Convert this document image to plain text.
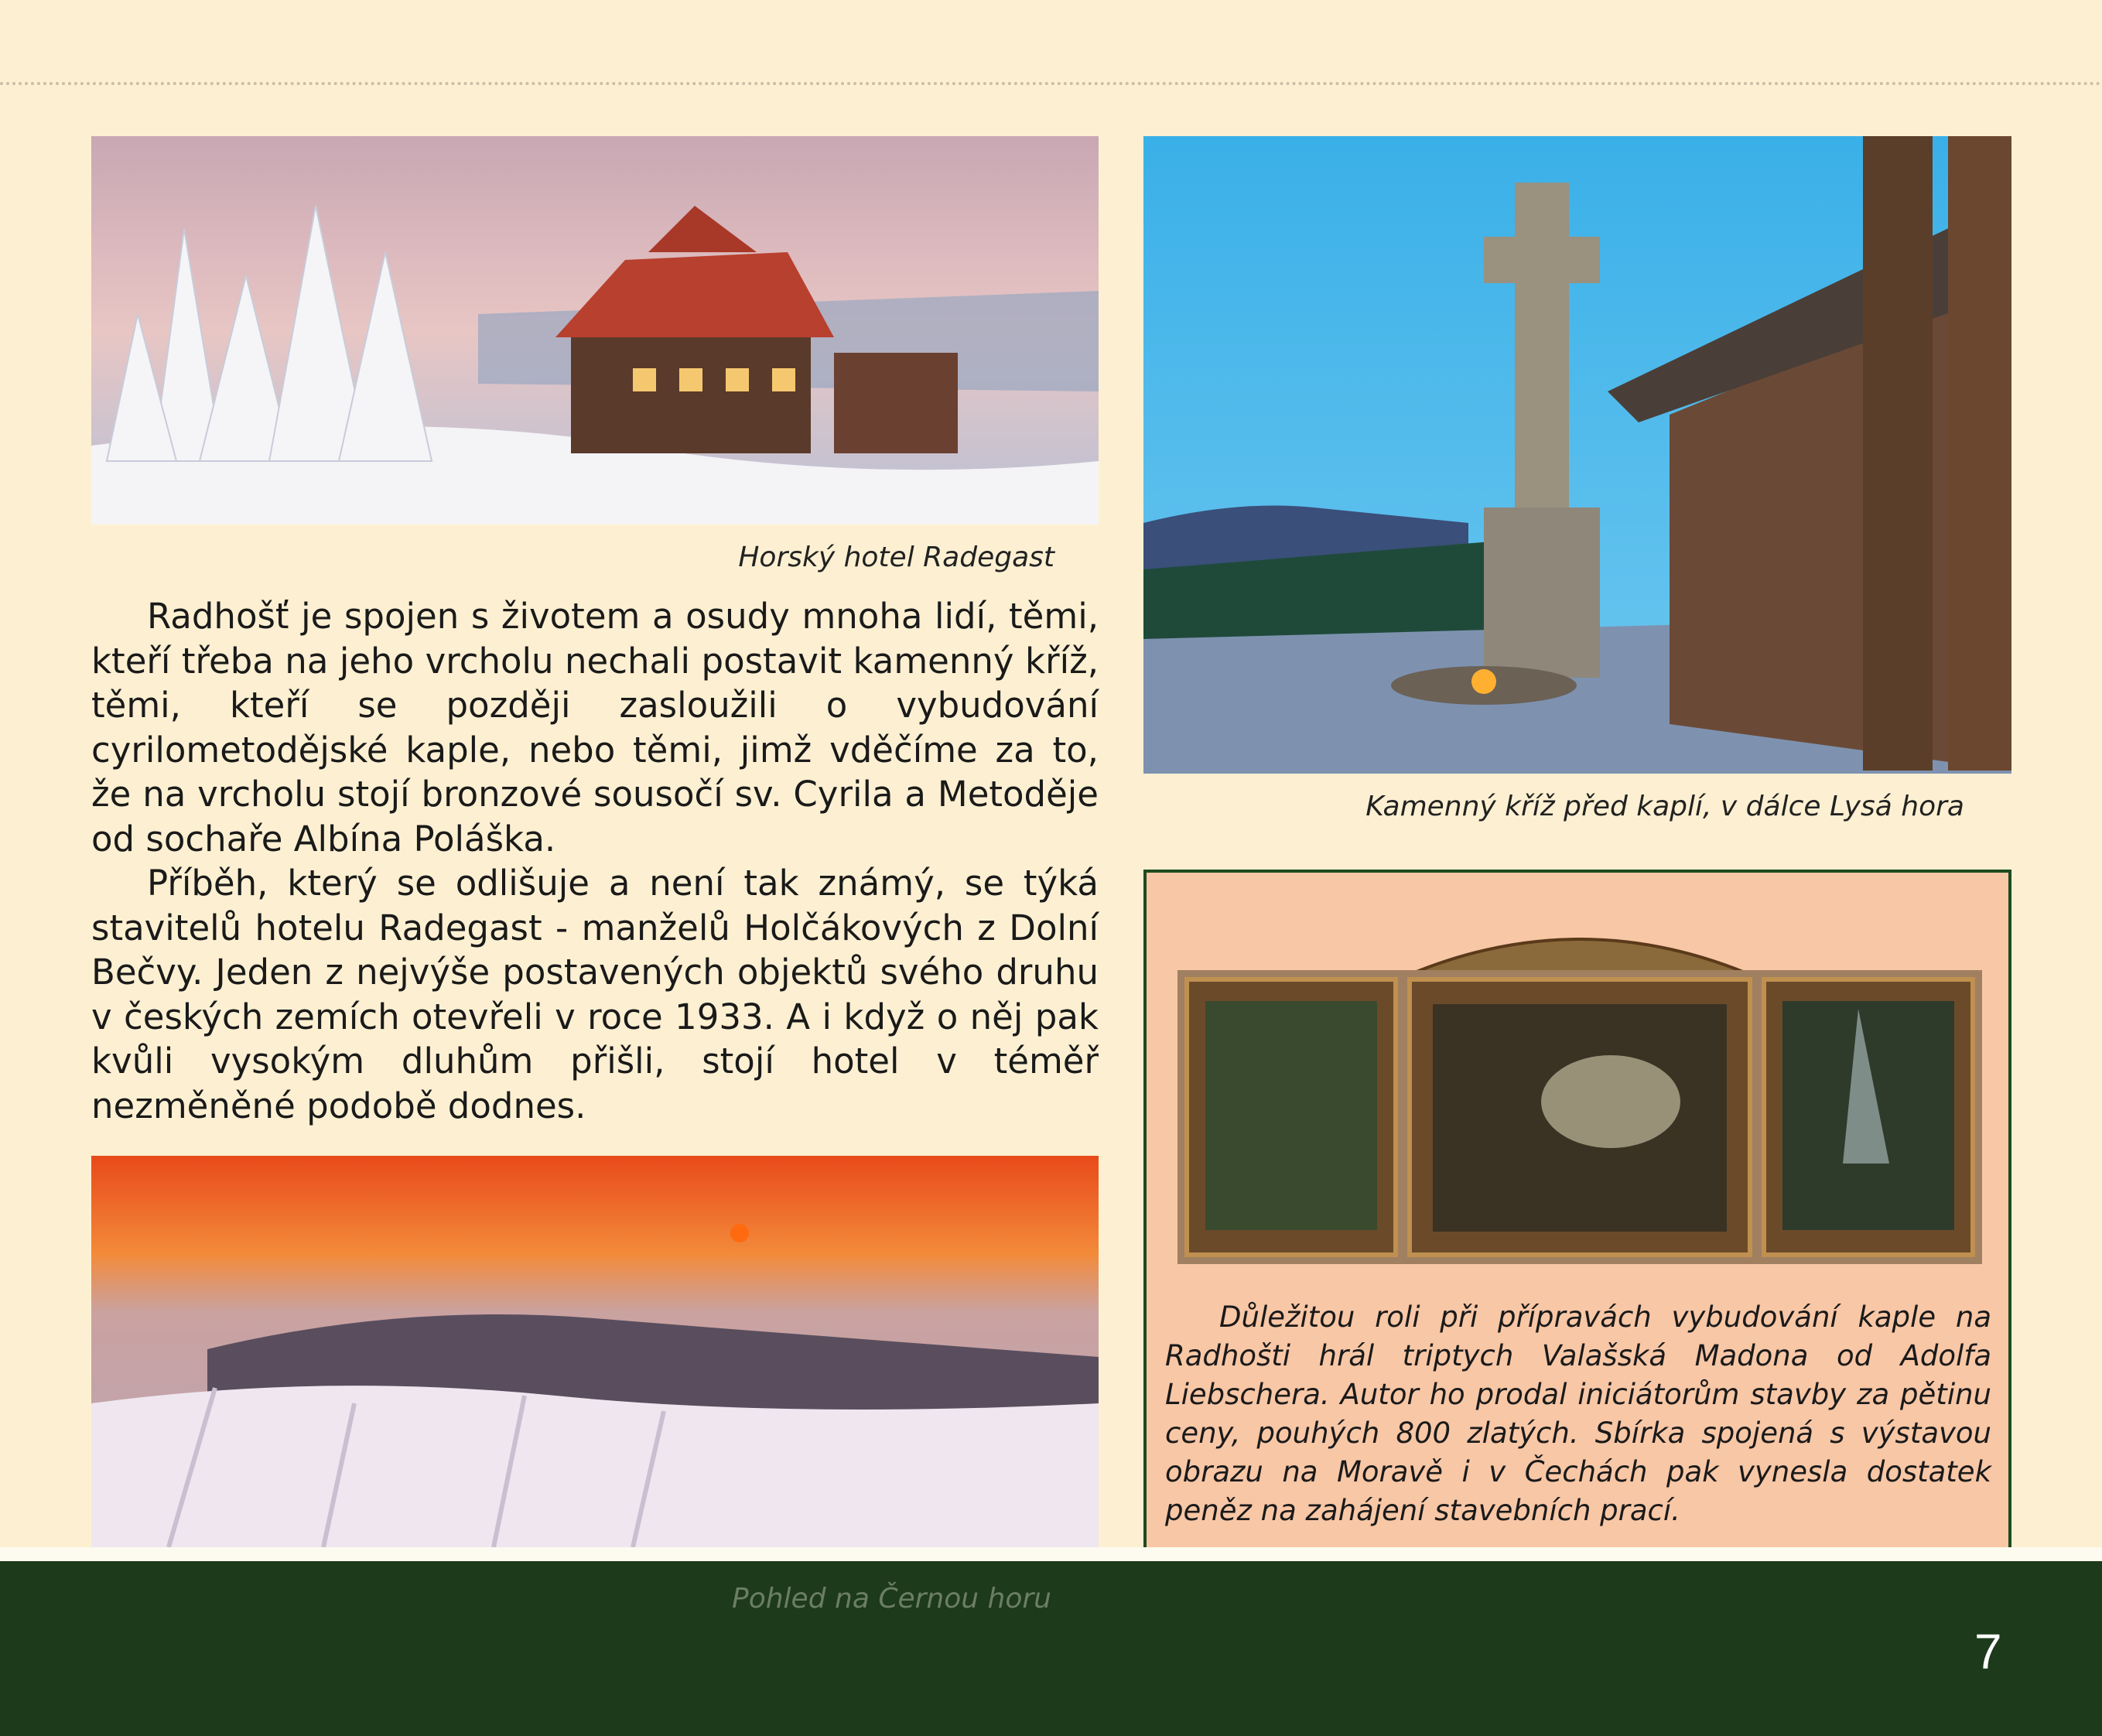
Horský hotel Radegast

Radhošť je spojen s životem a osudy mnoha lidí, těmi, kteří třeba na jeho vrcholu nechali postavit kamenný kříž, těmi, kteří se později zasloužili o vybudování cyrilometodějské kaple, nebo těmi, jimž vděčíme za to, že na vrcholu stojí bronzové sousočí sv. Cyrila a Metoděje od sochaře Albína Poláška.

Příběh, který se odlišuje a není tak známý, se týká stavitelů hotelu Radegast - manželů Holčákových z Dolní Bečvy. Jeden z nejvýše postavených objektů svého druhu v českých zemích otevřeli v roce 1933. A i když o něj pak kvůli vysokým dluhům přišli, stojí hotel v téměř nezměněné podobě dodnes.

Kamenný kříž před kaplí, v dálce Lysá hora
Důležitou roli při přípravách vybudování kaple na Radhošti hrál triptych Valašská Madona od Adolfa Liebschera. Autor ho prodal iniciátorům stavby za pětinu ceny, pouhých 800 zlatých. Sbírka spojená s výstavou obrazu na Moravě i v Čechách pak vynesla dostatek peněz na zahájení stavebních prací.
Pohled na Černou horu
7
